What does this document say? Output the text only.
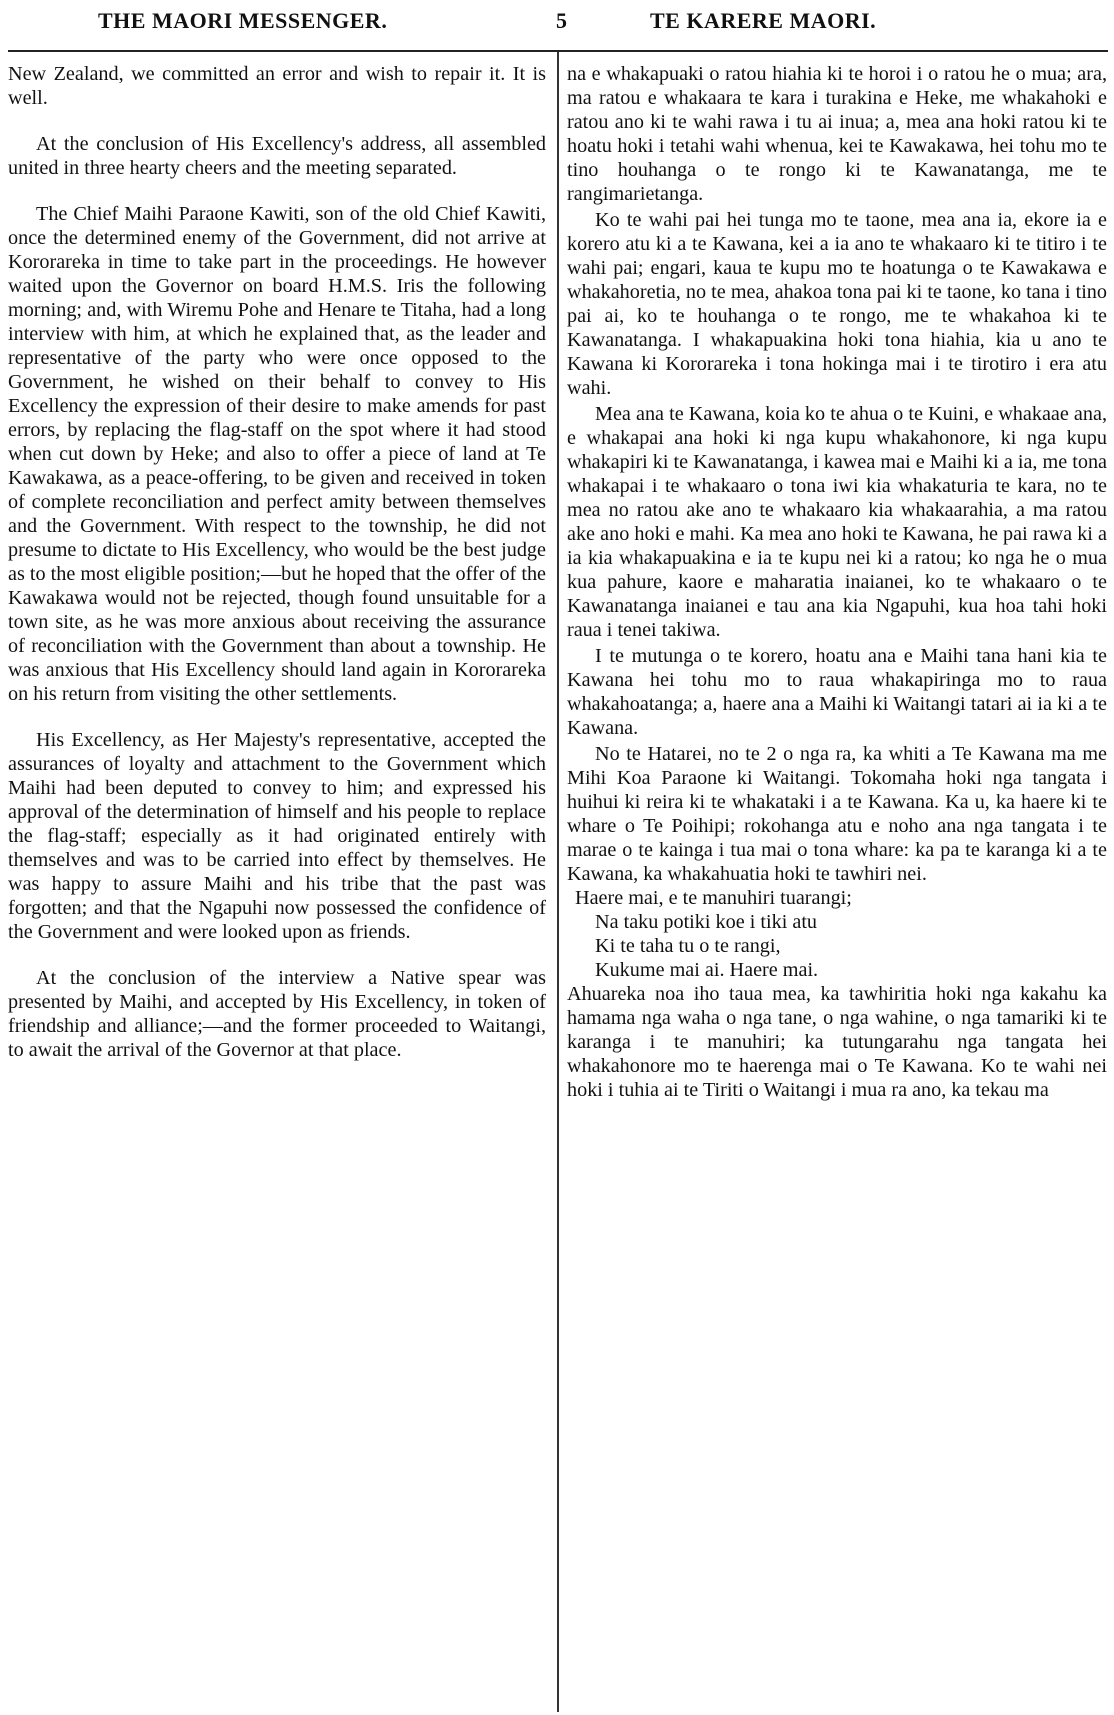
THE MAORI MESSENGER.	5	TE KARERE MAORI.

New Zealand, we committed an error and wish to repair it. It is well.

At the conclusion of His Excellency's address, all assembled united in three hearty cheers and the meeting separated.

The Chief Maihi Paraone Kawiti, son of the old Chief Kawiti, once the determined enemy of the Government, did not arrive at Kororareka in time to take part in the proceedings. He however waited upon the Governor on board H.M.S. Iris the following morning; and, with Wiremu Pohe and Henare te Titaha, had a long interview with him, at which he explained that, as the leader and representative of the party who were once opposed to the Government, he wished on their behalf to convey to His Excellency the expression of their desire to make amends for past errors, by replacing the flag-staff on the spot where it had stood when cut down by Heke; and also to offer a piece of land at Te Kawakawa, as a peace-offering, to be given and received in token of complete reconciliation and perfect amity between themselves and the Government. With respect to the township, he did not presume to dictate to His Excellency, who would be the best judge as to the most eligible position;—but he hoped that the offer of the Kawakawa would not be rejected, though found unsuitable for a town site, as he was more anxious about receiving the assurance of reconciliation with the Government than about a township. He was anxious that His Excellency should land again in Kororareka on his return from visiting the other settlements.

His Excellency, as Her Majesty's representative, accepted the assurances of loyalty and attachment to the Government which Maihi had been deputed to convey to him; and expressed his approval of the determination of himself and his people to replace the flag-staff; especially as it had originated entirely with themselves and was to be carried into effect by themselves. He was happy to assure Maihi and his tribe that the past was forgotten; and that the Ngapuhi now possessed the confidence of the Government and were looked upon as friends.

At the conclusion of the interview a Native spear was presented by Maihi, and accepted by His Excellency, in token of friendship and alliance;—and the former proceeded to Waitangi, to await the arrival of the Governor at that place.

na e whakapuaki o ratou hiahia ki te horoi i o ratou he o mua; ara, ma ratou e whakaara te kara i turakina e Heke, me whakahoki e ratou ano ki te wahi rawa i tu ai inua; a, mea ana hoki ratou ki te hoatu hoki i tetahi wahi whenua, kei te Kawakawa, hei tohu mo te tino houhanga o te rongo ki te Kawanatanga, me te rangimarietanga.

Ko te wahi pai hei tunga mo te taone, mea ana ia, ekore ia e korero atu ki a te Kawana, kei a ia ano te whakaaro ki te titiro i te wahi pai; engari, kaua te kupu mo te hoatunga o te Kawakawa e whakahoretia, no te mea, ahakoa tona pai ki te taone, ko tana i tino pai ai, ko te houhanga o te rongo, me te whakahoa ki te Kawanatanga. I whakapuakina hoki tona hiahia, kia u ano te Kawana ki Kororareka i tona hokinga mai i te tirotiro i era atu wahi.

Mea ana te Kawana, koia ko te ahua o te Kuini, e whakaae ana, e whakapai ana hoki ki nga kupu whakahonore, ki nga kupu whakapiri ki te Kawanatanga, i kawea mai e Maihi ki a ia, me tona whakapai i te whakaaro o tona iwi kia whakaturia te kara, no te mea no ratou ake ano te whakaaro kia whakaarahia, a ma ratou ake ano hoki e mahi. Ka mea ano hoki te Kawana, he pai rawa ki a ia kia whakapuakina e ia te kupu nei ki a ratou; ko nga he o mua kua pahure, kaore e maharatia inaianei, ko te whakaaro o te Kawanatanga inaianei e tau ana kia Ngapuhi, kua hoa tahi hoki raua i tenei takiwa.

I te mutunga o te korero, hoatu ana e Maihi tana hani kia te Kawana hei tohu mo to raua whakapiringa mo to raua whakahoatanga; a, haere ana a Maihi ki Waitangi tatari ai ia ki a te Kawana.

No te Hatarei, no te 2 o nga ra, ka whiti a Te Kawana ma me Mihi Koa Paraone ki Waitangi. Tokomaha hoki nga tangata i huihui ki reira ki te whakataki i a te Kawana. Ka u, ka haere ki te whare o Te Poihipi; rokohanga atu e noho ana nga tangata i te marae o te kainga i tua mai o tona whare: ka pa te karanga ki a te Kawana, ka whakahuatia hoki te tawhiri nei.

Haere mai, e te manuhiri tuarangi;
Na taku potiki koe i tiki atu
Ki te taha tu o te rangi,
Kukume mai ai. Haere mai.

Ahuareka noa iho taua mea, ka tawhiritia hoki nga kakahu ka hamama nga waha o nga tane, o nga wahine, o nga tamariki ki te karanga i te manuhiri; ka tutungarahu nga tangata hei whakahonore mo te haerenga mai o Te Kawana. Ko te wahi nei hoki i tuhia ai te Tiriti o Waitangi i mua ra ano, ka tekau ma
